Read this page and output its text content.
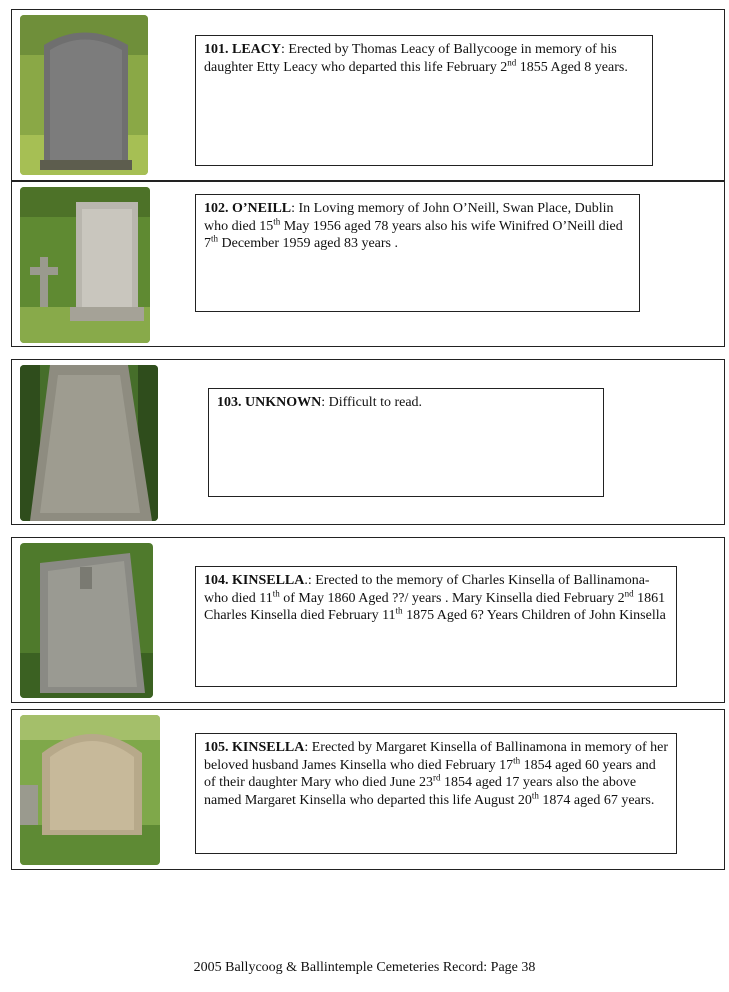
101. LEACY: Erected by Thomas Leacy of Ballycooge in memory of his daughter Etty Leacy who departed this life February 2nd 1855 Aged 8 years.
102. O’NEILL: In Loving memory of John O’Neill, Swan Place, Dublin who died 15th May 1956 aged 78 years also his wife Winifred O’Neill died 7th December 1959 aged 83 years .
103. UNKNOWN: Difficult to read.
104. KINSELLA.: Erected to the memory of Charles Kinsella of Ballinamona- who died 11th of May 1860 Aged ??/ years . Mary Kinsella died February 2nd 1861 Charles Kinsella died February 11th 1875 Aged 6? Years Children of John Kinsella
105. KINSELLA: Erected by Margaret Kinsella of Ballinamona in memory of her beloved husband James Kinsella who died February 17th 1854 aged 60 years and of their daughter Mary who died June 23rd 1854 aged 17 years also the above named Margaret Kinsella who departed this life August 20th 1874 aged 67 years.
2005 Ballycoog & Ballintemple Cemeteries Record: Page 38
